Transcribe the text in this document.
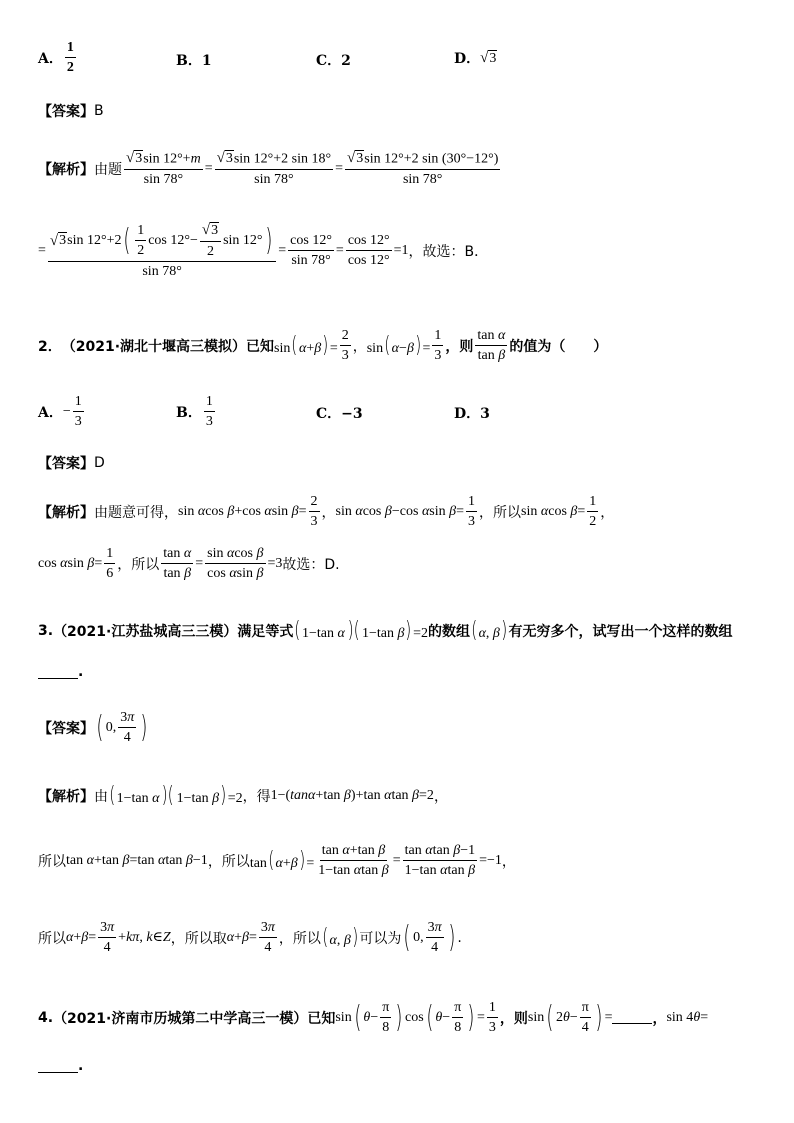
A． $\frac{1}{2}$	B．1	C．2	D． √ 3
【答案】 B
【解析】 由题 $\frac{√ 3 \sin 12^\circ+m}{\sin 78^\circ} = \frac{√ 3 \sin 12^\circ+2 \sin 18^\circ}{\sin 78^\circ} = \frac{√ 3 \sin 12^\circ+2 \sin (30^\circ-12^\circ)}{\sin 78^\circ}$
= $\frac{√ 3 \sin 12^\circ+2 ( \frac{1}{2} \cos 12^\circ- \frac{√ 3}{2} \sin 12^\circ )}{\sin 78^\circ} = \frac{\cos 12^\circ}{\sin 78^\circ} = \frac{\cos 12^\circ}{\cos 12^\circ} =1$ ，故选：B．
2． （2021·湖北十堰高三模拟） 已知 $\sin(\alpha+\beta)= \frac{2}{3}$ ， $\sin(\alpha-\beta)= \frac{1}{3}$ ，则 $\frac{\text{tan α}}{\text{tan β}}$ 的值为（　　）
A． − $\frac{1}{3}$	B． $\frac{1}{3}$	C．−3	D．3
【答案】 D
【解析】 由题意可得， sin αcos β+cos αsin $\beta= \frac{2}{3}$ ， sin αcos β−cos αsin $\beta= \frac{1}{3}$ ，所以 sin αcos $\beta= \frac{1}{2}$ ，
cos αsin $\beta= \frac{1}{6}$ ，所以 $\frac{\text{tan α}}{\text{tan β}} = \frac{\text{sin αcos β}}{\text{cos αsin β}} =3$ 故选：D.
3. （2021·江苏盐城高三三模） 满足等式 (1−tan α )( 1−tan β)=2 的数组 (α, β) 有无穷多个，试写出一个这样的数组
.
【答案】 ( 0, $\frac{3\pi}{4}$ )
【解析】 由 (1−tan α )( 1−tan β)=2 ，得 1−(tanα+tan β)+tan αtan β=2 ，
所以 tan α+tan β=tan αtan β−1 ，所以 $\tan(\alpha+\beta)= \frac{\text{tan α+tan β}}{\text{1−tan αtan β}} = \frac{\text{tan αtan β−1}}{\text{1−tan αtan β}} =-1$ ，
所以 $\alpha+\beta= \frac{3\pi}{4} +k\pi$, k∈Z ，所以取 $\alpha+\beta= \frac{3\pi}{4}$ ，所以 (α, β) 可以为 ( 0, $\frac{3\pi}{4}$ ) .
4. （2021·济南市历城第二中学高三一模） 已知 sin ( $\theta - \frac{\pi}{8}$ ) cos ( $\theta - \frac{\pi}{8}$ ) = $\frac{1}{3}$ ，则 sin ( 2 $\theta - \frac{\pi}{4}$ ) =	， sin 4θ=
.
